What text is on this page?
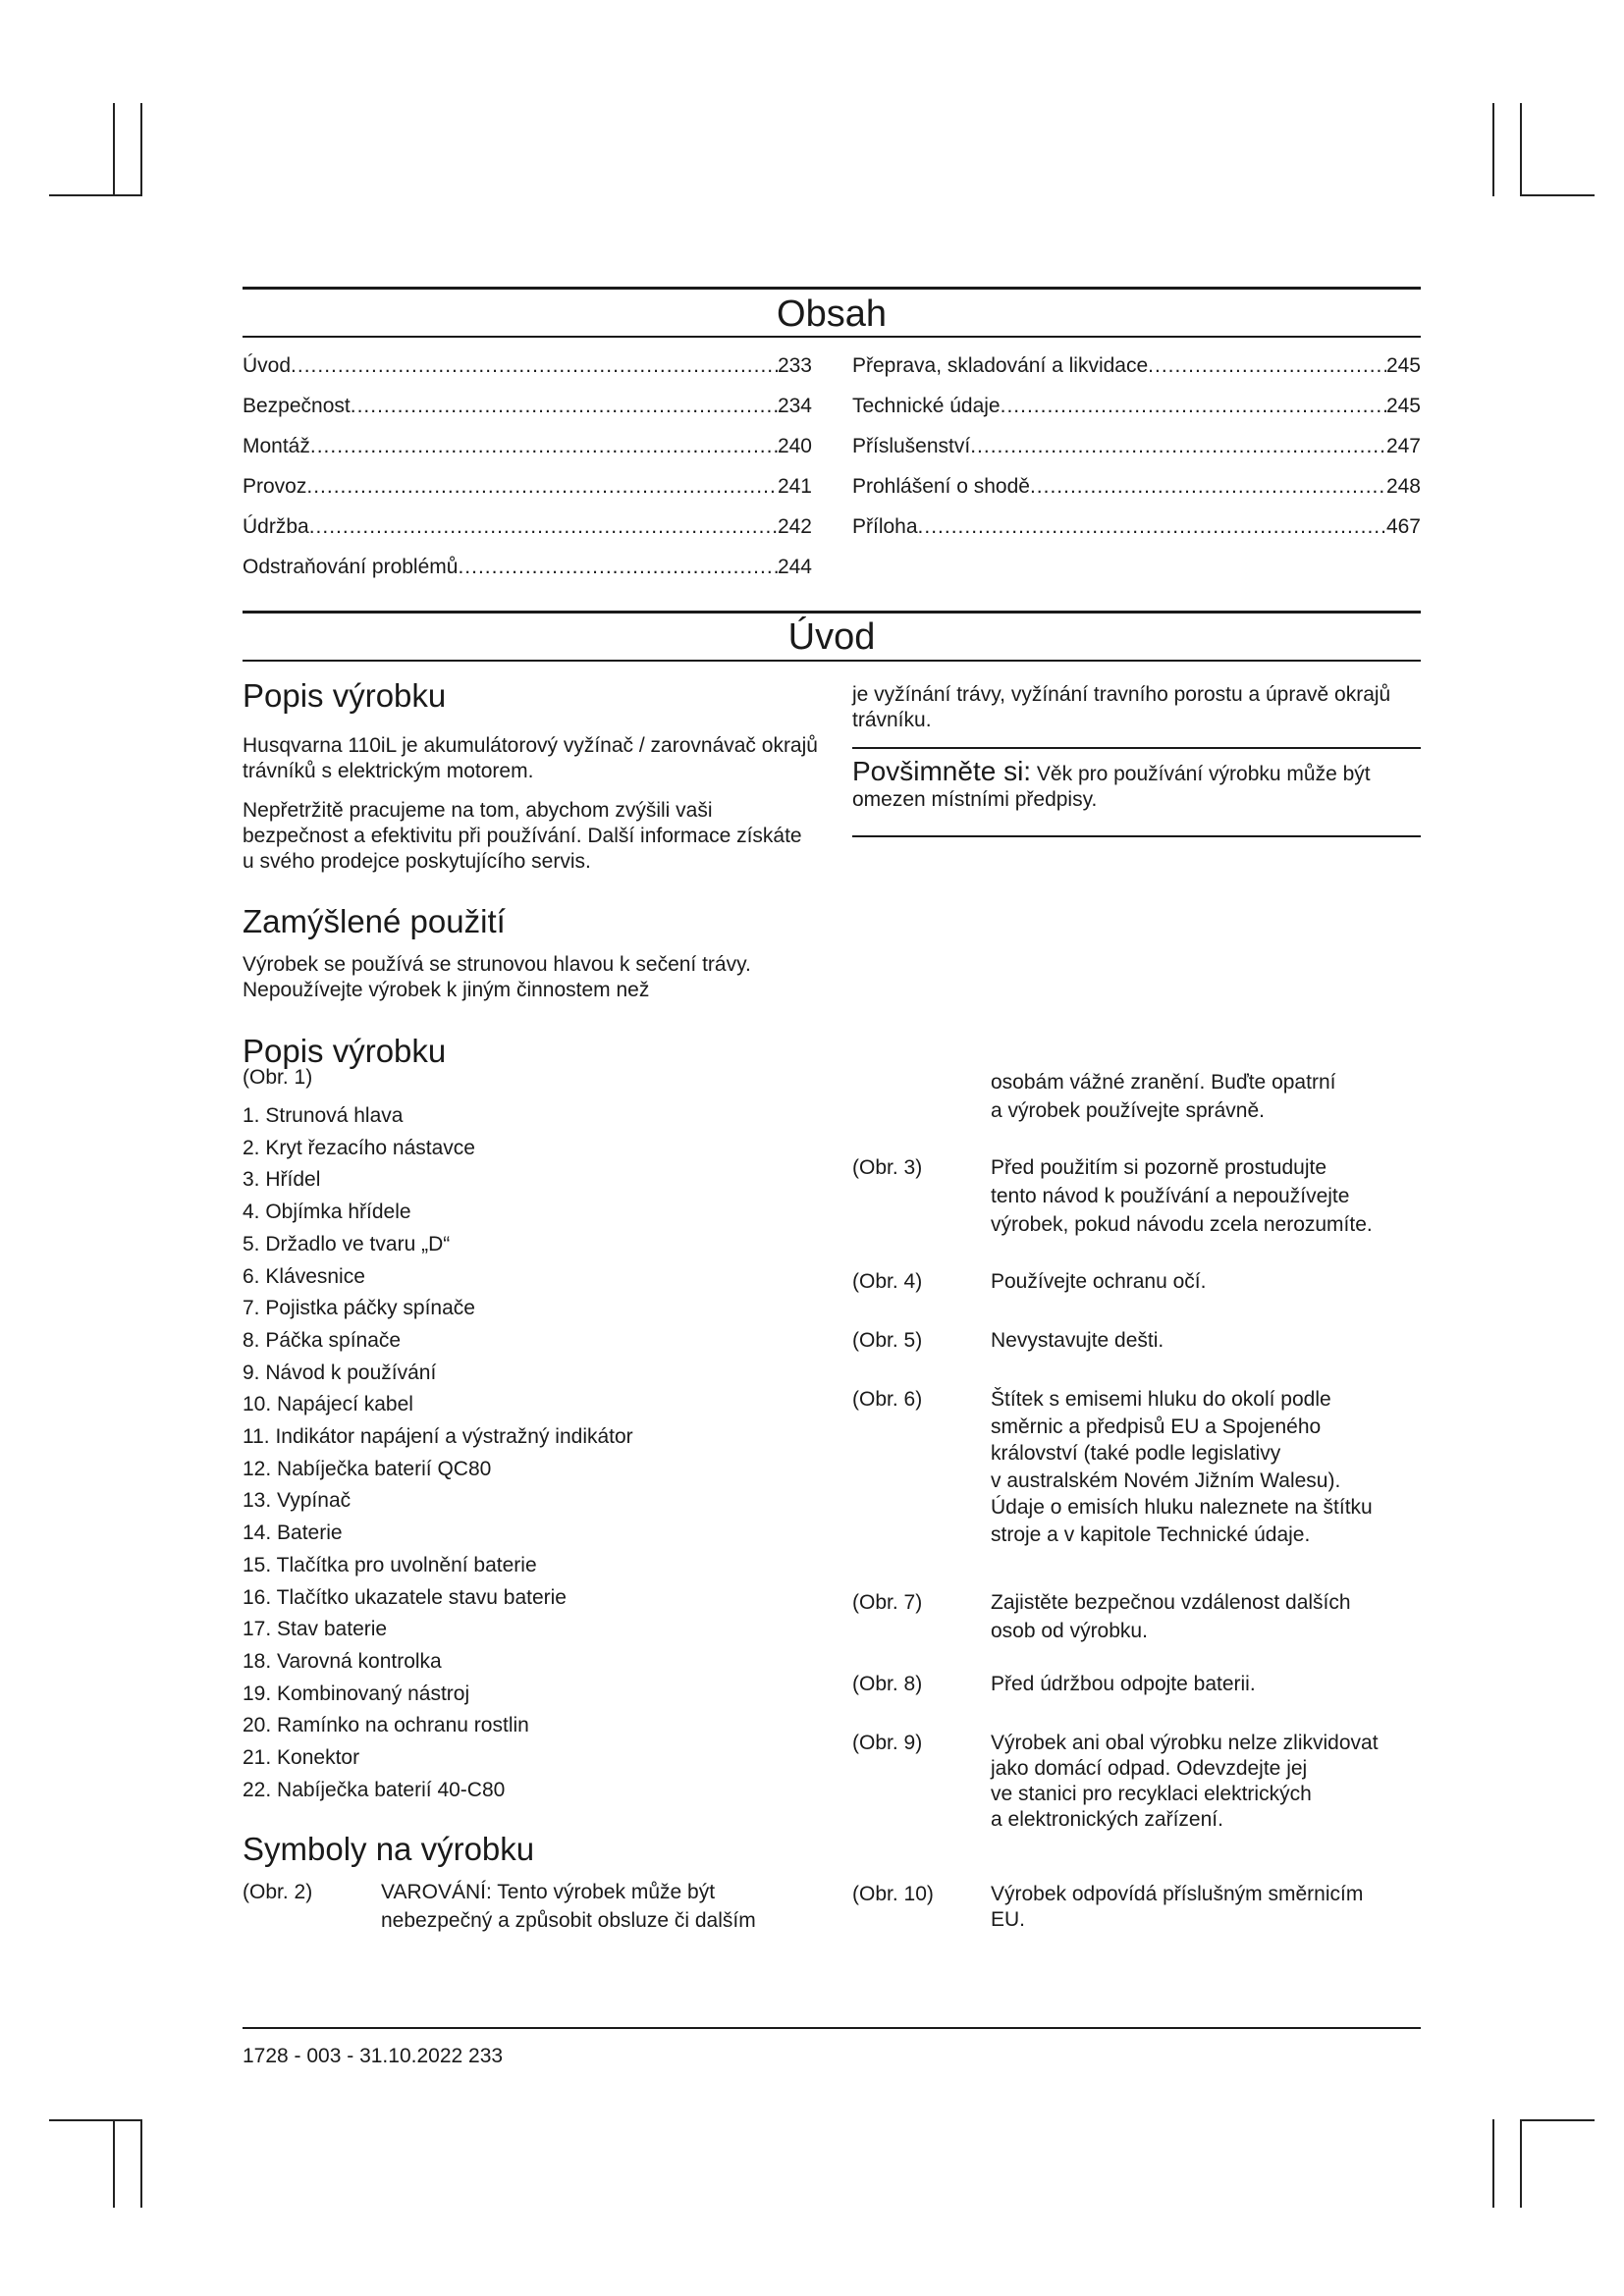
Obsah
Úvod .....	233
Bezpečnost .....	234
Montáž .....	240
Provoz .....	241
Údržba .....	242
Odstraňování problémů .....	244
Přeprava, skladování a likvidace .....	245
Technické údaje .....	245
Příslušenství .....	247
Prohlášení o shodě .....	248
Příloha .....	467
Úvod
Popis výrobku
Husqvarna 110iL je akumulátorový vyžínač / zarovnávač okrajů trávníků s elektrickým motorem.
Nepřetržitě pracujeme na tom, abychom zvýšili vaši bezpečnost a efektivitu při používání. Další informace získáte u svého prodejce poskytujícího servis.
Zamýšlené použití
Výrobek se používá se strunovou hlavou k sečení trávy. Nepoužívejte výrobek k jiným činnostem než
je vyžínání trávy, vyžínání travního porostu a úpravě okrajů trávníku.
Povšimněte si: Věk pro používání výrobku může být omezen místními předpisy.
Popis výrobku
(Obr. 1)
1. Strunová hlava
2. Kryt řezacího nástavce
3. Hřídel
4. Objímka hřídele
5. Držadlo ve tvaru „D“
6. Klávesnice
7. Pojistka páčky spínače
8. Páčka spínače
9. Návod k používání
10. Napájecí kabel
11. Indikátor napájení a výstražný indikátor
12. Nabíječka baterií QC80
13. Vypínač
14. Baterie
15. Tlačítka pro uvolnění baterie
16. Tlačítko ukazatele stavu baterie
17. Stav baterie
18. Varovná kontrolka
19. Kombinovaný nástroj
20. Ramínko na ochranu rostlin
21. Konektor
22. Nabíječka baterií 40-C80
Symboly na výrobku
(Obr. 2)	VAROVÁNÍ: Tento výrobek může být
nebezpečný a způsobit obsluze či dalším
osobám vážné zranění. Buďte opatrní
a výrobek používejte správně.
(Obr. 3)	Před použitím si pozorně prostudujte
tento návod k používání a nepoužívejte
výrobek, pokud návodu zcela nerozumíte.
(Obr. 4)	Používejte ochranu očí.
(Obr. 5)	Nevystavujte dešti.
(Obr. 6)	Štítek s emisemi hluku do okolí podle
směrnic a předpisů EU a Spojeného
království (také podle legislativy
v australském Novém Jižním Walesu).
Údaje o emisích hluku naleznete na štítku
stroje a v kapitole Technické údaje.
(Obr. 7)	Zajistěte bezpečnou vzdálenost dalších
osob od výrobku.
(Obr. 8)	Před údržbou odpojte baterii.
(Obr. 9)	Výrobek ani obal výrobku nelze zlikvidovat
jako domácí odpad. Odevzdejte jej
ve stanici pro recyklaci elektrických
a elektronických zařízení.
(Obr. 10)	Výrobek odpovídá příslušným směrnicím
EU.
1728 - 003 - 31.10.2022 233
